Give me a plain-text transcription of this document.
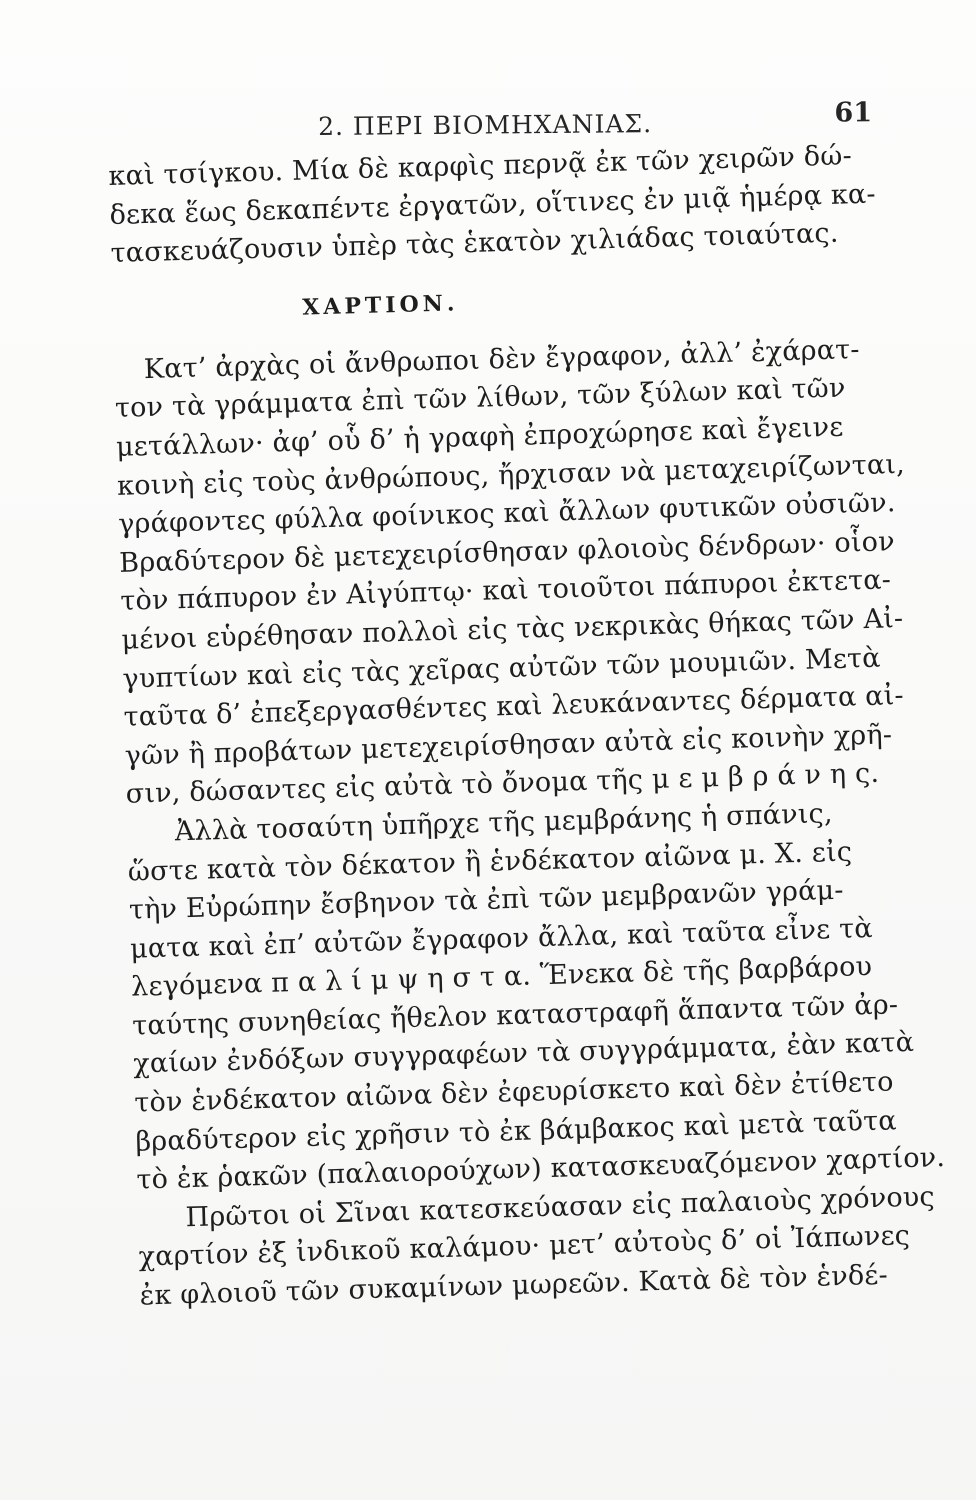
2. ΠΕΡΙ ΒΙΟΜΗΧΑΝΙΑΣ.	61
καὶ τσίγκου. Μία δὲ καρφὶς περνᾷ ἐκ τῶν χειρῶν δώ-
δεκα ἕως δεκαπέντε ἐργατῶν, οἵτινες ἐν μιᾷ ἡμέρᾳ κα-
τασκευάζουσιν ὑπὲρ τὰς ἑκατὸν χιλιάδας τοιαύτας.
ΧΑΡΤΙΟΝ.
Κατ’ ἀρχὰς οἱ ἄνθρωποι δὲν ἔγραφον, ἀλλ’ ἐχάρατ-
τον τὰ γράμματα ἐπὶ τῶν λίθων, τῶν ξύλων καὶ τῶν
μετάλλων· ἀφ’ οὗ δ’ ἡ γραφὴ ἐπροχώρησε καὶ ἔγεινε
κοινὴ εἰς τοὺς ἀνθρώπους, ἤρχισαν νὰ μεταχειρίζωνται,
γράφοντες φύλλα φοίνικος καὶ ἄλλων φυτικῶν οὐσιῶν.
Βραδύτερον δὲ μετεχειρίσθησαν φλοιοὺς δένδρων· οἷον
τὸν πάπυρον ἐν Αἰγύπτῳ· καὶ τοιοῦτοι πάπυροι ἐκτετα-
μένοι εὑρέθησαν πολλοὶ εἰς τὰς νεκρικὰς θήκας τῶν Αἰ-
γυπτίων καὶ εἰς τὰς χεῖρας αὐτῶν τῶν μουμιῶν. Μετὰ
ταῦτα δ’ ἐπεξεργασθέντες καὶ λευκάναντες δέρματα αἰ-
γῶν ἢ προβάτων μετεχειρίσθησαν αὐτὰ εἰς κοινὴν χρῆ-
σιν, δώσαντες εἰς αὐτὰ τὸ ὄνομα τῆς μ ε μ β ρ ά ν η ς.
Ἀλλὰ τοσαύτη ὑπῆρχε τῆς μεμβράνης ἡ σπάνις,
ὥστε κατὰ τὸν δέκατον ἢ ἑνδέκατον αἰῶνα μ. Χ. εἰς
τὴν Εὐρώπην ἔσβηνον τὰ ἐπὶ τῶν μεμβρανῶν γράμ-
ματα καὶ ἐπ’ αὐτῶν ἔγραφον ἄλλα, καὶ ταῦτα εἶνε τὰ
λεγόμενα π α λ ί μ ψ η σ τ α. Ἕνεκα δὲ τῆς βαρβάρου
ταύτης συνηθείας ἤθελον καταστραφῆ ἅπαντα τῶν ἀρ-
χαίων ἐνδόξων συγγραφέων τὰ συγγράμματα, ἐὰν κατὰ
τὸν ἑνδέκατον αἰῶνα δὲν ἐφευρίσκετο καὶ δὲν ἐτίθετο
βραδύτερον εἰς χρῆσιν τὸ ἐκ βάμβακος καὶ μετὰ ταῦτα
τὸ ἐκ ῥακῶν (παλαιορούχων) κατασκευαζόμενον χαρτίον.
Πρῶτοι οἱ Σῖναι κατεσκεύασαν εἰς παλαιοὺς χρόνους
χαρτίον ἐξ ἰνδικοῦ καλάμου· μετ’ αὐτοὺς δ’ οἱ Ἰάπωνες
ἐκ φλοιοῦ τῶν συκαμίνων μωρεῶν. Κατὰ δὲ τὸν ἑνδέ-
